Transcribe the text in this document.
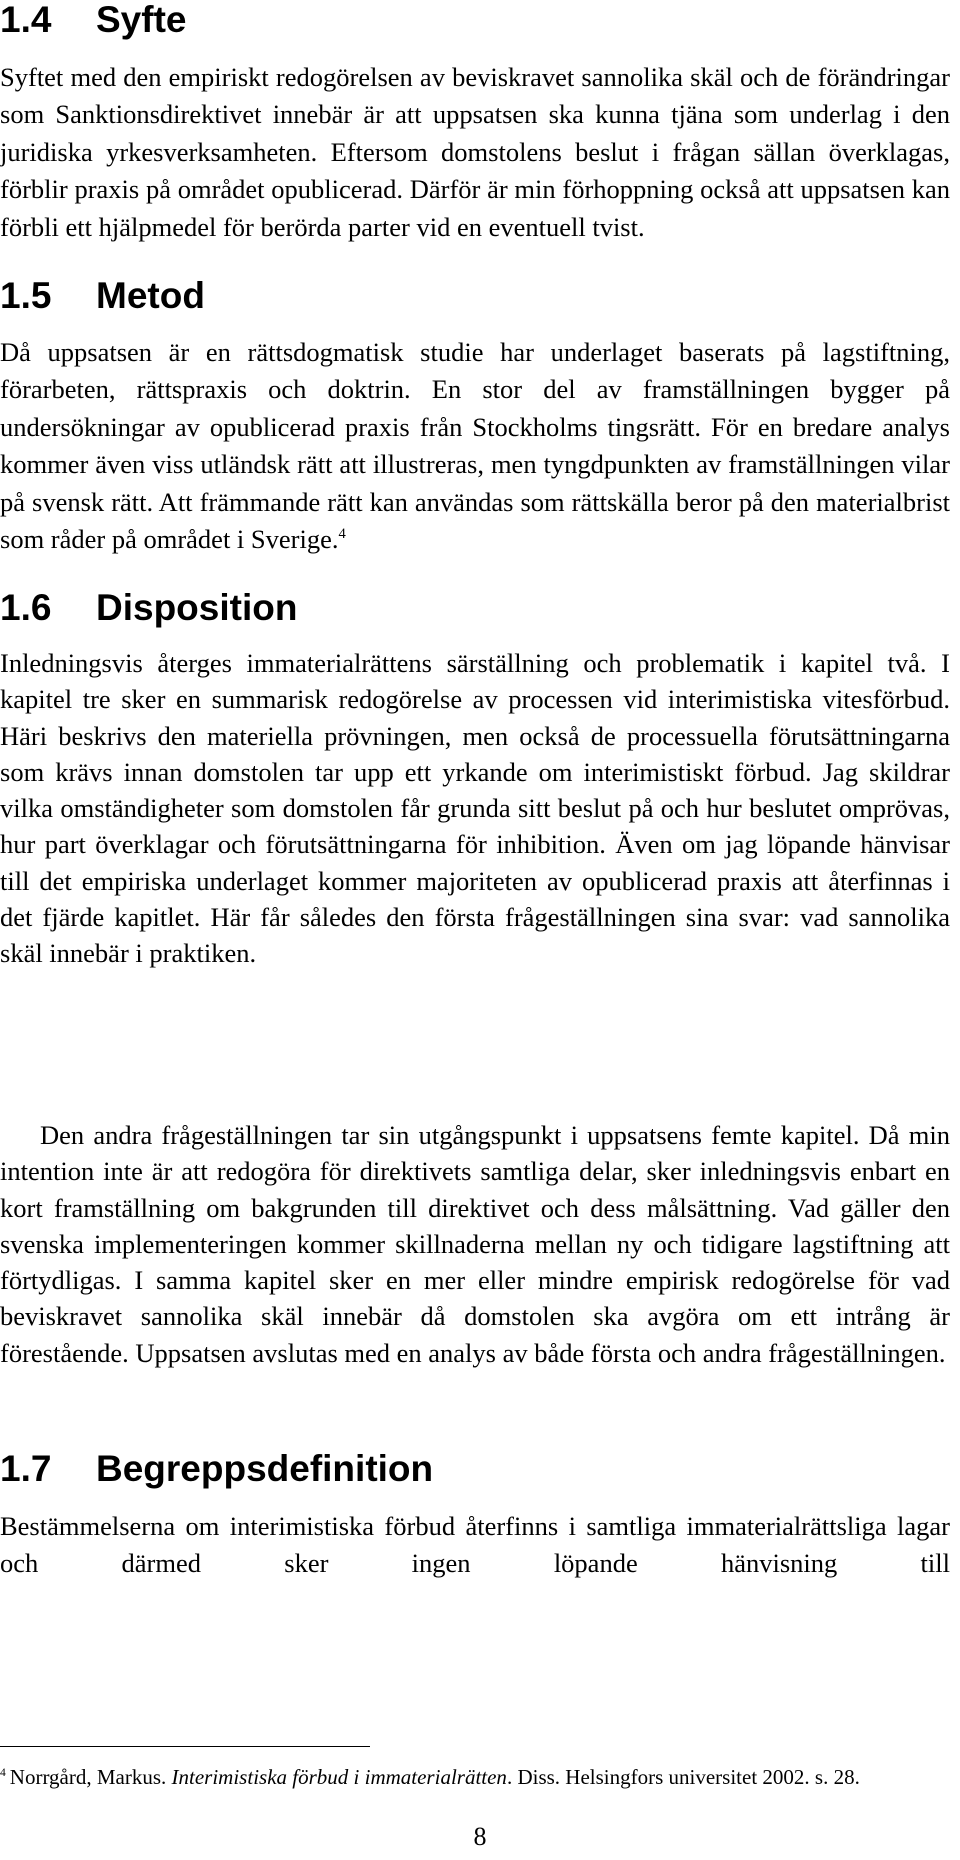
1.4 Syfte

Syftet med den empiriskt redogörelsen av beviskravet sannolika skäl och de förändringar som Sanktionsdirektivet innebär är att uppsatsen ska kunna tjäna som underlag i den juridiska yrkesverksamheten. Eftersom domstolens beslut i frågan sällan överklagas, förblir praxis på området opublicerad. Därför är min förhoppning också att uppsatsen kan förbli ett hjälpmedel för berörda parter vid en eventuell tvist.

1.5 Metod

Då uppsatsen är en rättsdogmatisk studie har underlaget baserats på lagstiftning, förarbeten, rättspraxis och doktrin. En stor del av framställningen bygger på undersökningar av opublicerad praxis från Stockholms tingsrätt. För en bredare analys kommer även viss utländsk rätt att illustreras, men tyngdpunkten av framställningen vilar på svensk rätt. Att främmande rätt kan användas som rättskälla beror på den materialbrist som råder på området i Sverige.$^4$

1.6 Disposition

Inledningsvis återges immaterialrättens särställning och problematik i kapitel två. I kapitel tre sker en summarisk redogörelse av processen vid interimistiska vitesförbud. Häri beskrivs den materiella prövningen, men också de processuella förutsättningarna som krävs innan domstolen tar upp ett yrkande om interimistiskt förbud. Jag skildrar vilka omständigheter som domstolen får grunda sitt beslut på och hur beslutet omprövas, hur part överklagar och förutsättningarna för inhibition. Även om jag löpande hänvisar till det empiriska underlaget kommer majoriteten av opublicerad praxis att återfinnas i det fjärde kapitlet. Här får således den första frågeställningen sina svar: vad sannolika skäl innebär i praktiken.

Den andra frågeställningen tar sin utgångspunkt i uppsatsens femte kapitel. Då min intention inte är att redogöra för direktivets samtliga delar, sker inledningsvis enbart en kort framställning om bakgrunden till direktivet och dess målsättning. Vad gäller den svenska implementeringen kommer skillnaderna mellan ny och tidigare lagstiftning att förtydligas. I samma kapitel sker en mer eller mindre empirisk redogörelse för vad beviskravet sannolika skäl innebär då domstolen ska avgöra om ett intrång är förestående. Uppsatsen avslutas med en analys av både första och andra frågeställningen.

1.7 Begreppsdefinition

Bestämmelserna om interimistiska förbud återfinns i samtliga immaterialrättsliga lagar och därmed sker ingen löpande hänvisning till

$^4$ Norrgård, Markus. Interimistiska förbud i immaterialrätten. Diss. Helsingfors universitet 2002. s. 28.

8
